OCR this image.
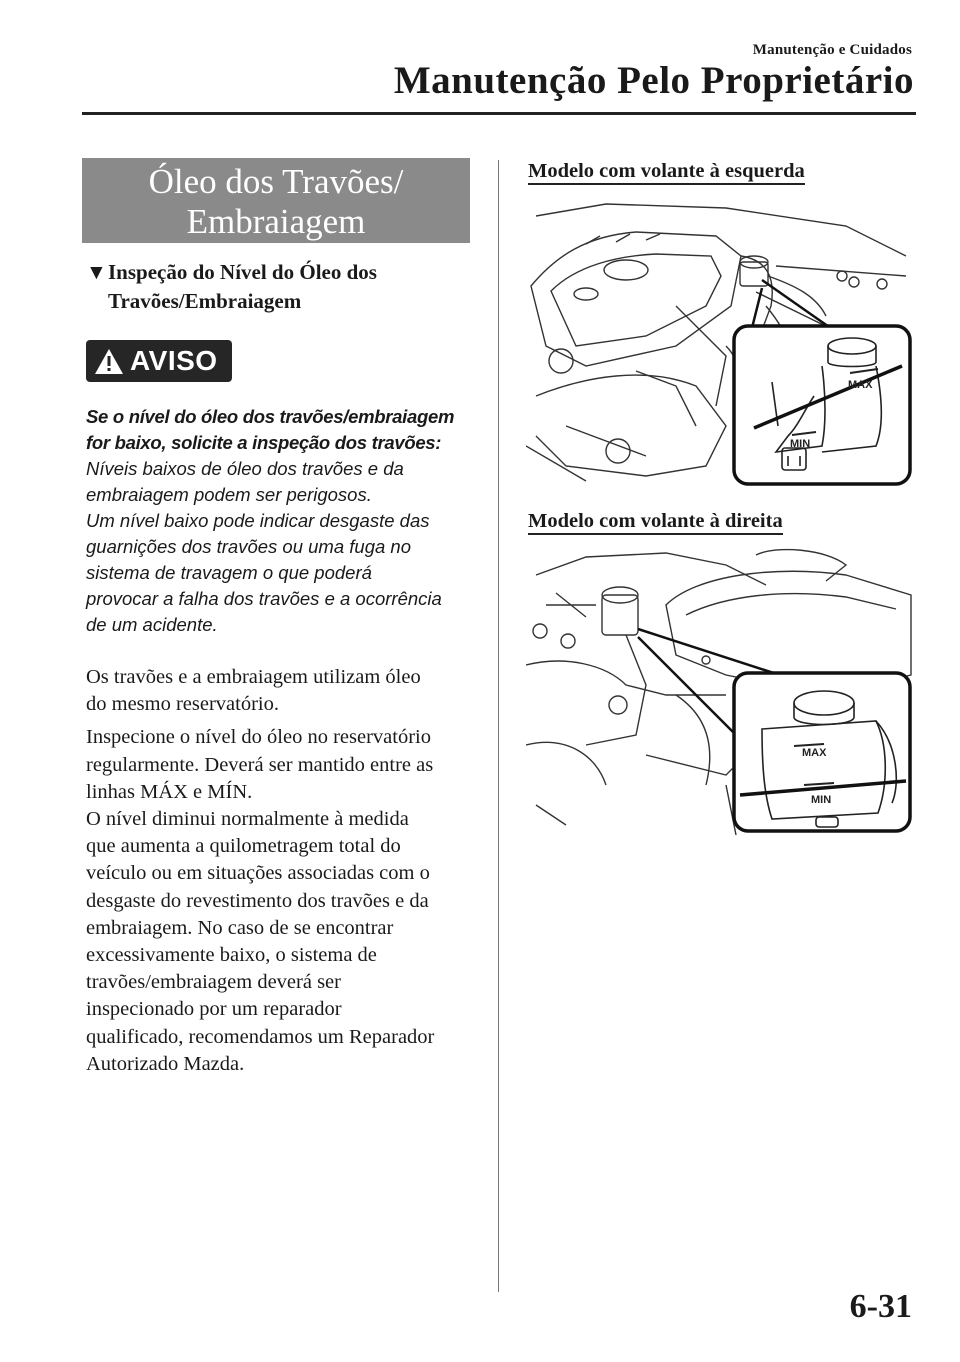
Manutenção e Cuidados
Manutenção Pelo Proprietário
Óleo dos Travões/
Embraiagem
▼Inspeção do Nível do Óleo dos
Travões/Embraiagem
AVISO
Se o nível do óleo dos travões/embraiagem
for baixo, solicite a inspeção dos travões:
Níveis baixos de óleo dos travões e da
embraiagem podem ser perigosos.
Um nível baixo pode indicar desgaste das
guarnições dos travões ou uma fuga no
sistema de travagem o que poderá
provocar a falha dos travões e a ocorrência
de um acidente.
Os travões e a embraiagem utilizam óleo
do mesmo reservatório.
Inspecione o nível do óleo no reservatório
regularmente. Deverá ser mantido entre as
linhas MÁX e MÍN.
O nível diminui normalmente à medida
que aumenta a quilometragem total do
veículo ou em situações associadas com o
desgaste do revestimento dos travões e da
embraiagem. No caso de se encontrar
excessivamente baixo, o sistema de
travões/embraiagem deverá ser
inspecionado por um reparador
qualificado, recomendamos um Reparador
Autorizado Mazda.
Modelo com volante à esquerda
MAX
MIN
Modelo com volante à direita
MAX
MIN
6-31
